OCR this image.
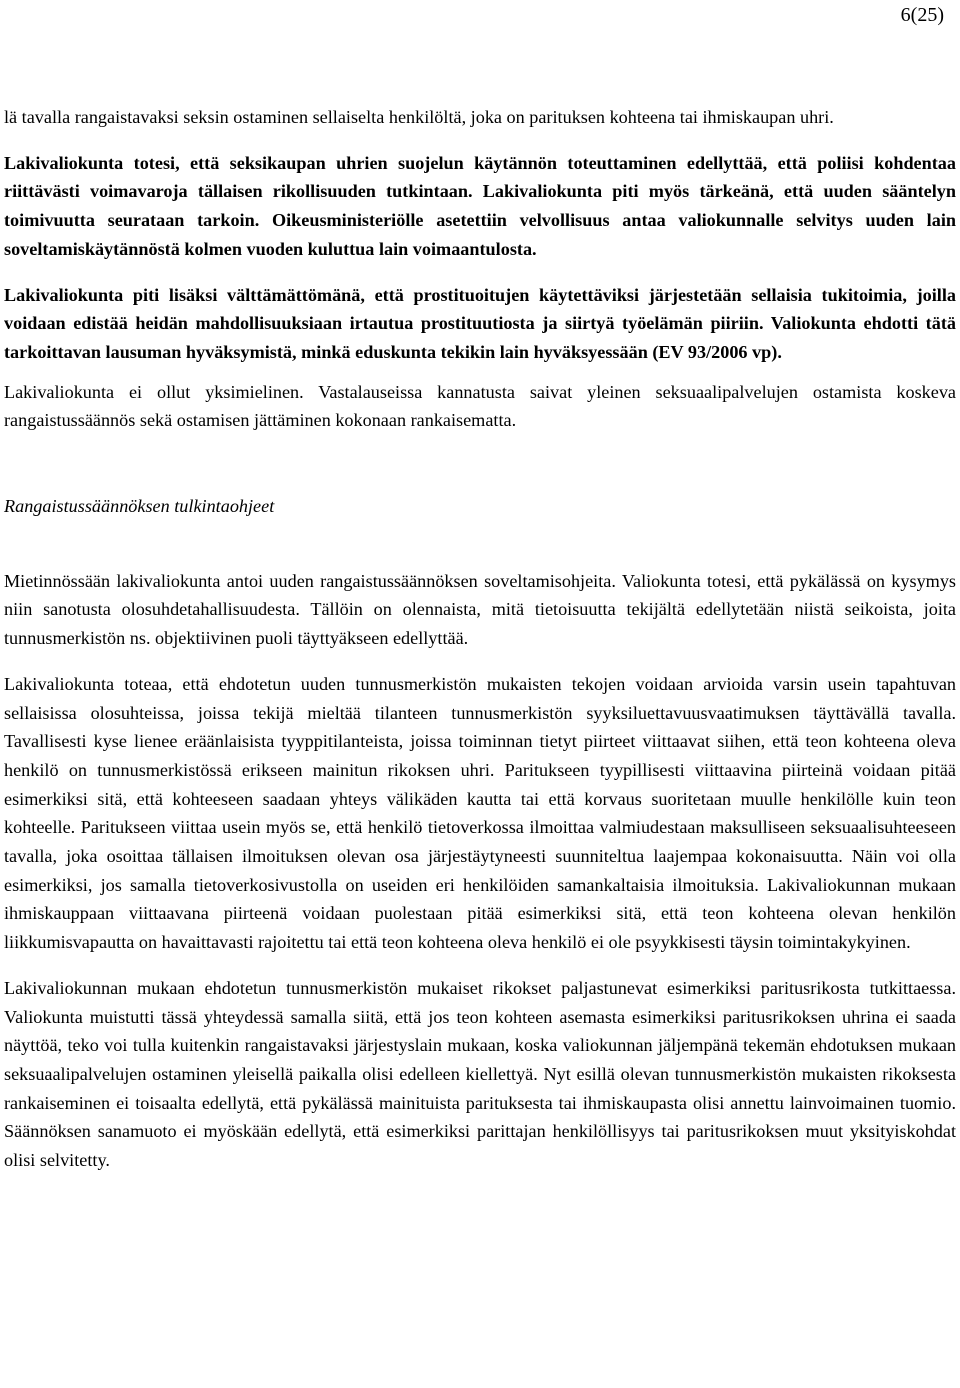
6(25)

lä tavalla rangaistavaksi seksin ostaminen sellaiselta henkilöltä, joka on parituksen kohteena tai ihmiskaupan uhri.

Lakivaliokunta totesi, että seksikaupan uhrien suojelun käytännön toteuttaminen edellyttää, että poliisi kohdentaa riittävästi voimavaroja tällaisen rikollisuuden tutkintaan. Lakivaliokunta piti myös tärkeänä, että uuden sääntelyn toimivuutta seurataan tarkoin. Oikeusministeriölle asetettiin velvollisuus antaa valiokunnalle selvitys uuden lain soveltamiskäytännöstä kolmen vuoden kuluttua lain voimaantulosta.

Lakivaliokunta piti lisäksi välttämättömänä, että prostituoitujen käytettäviksi järjestetään sellaisia tukitoimia, joilla voidaan edistää heidän mahdollisuuksiaan irtautua prostituutiosta ja siirtyä työelämän piiriin. Valiokunta ehdotti tätä tarkoittavan lausuman hyväksymistä, minkä eduskunta tekikin lain hyväksyessään (EV 93/2006 vp).

Lakivaliokunta ei ollut yksimielinen. Vastalauseissa kannatusta saivat yleinen seksuaalipalvelujen ostamista koskeva rangaistussäännös sekä ostamisen jättäminen kokonaan rankaisematta.

Rangaistussäännöksen tulkintaohjeet

Mietinnössään lakivaliokunta antoi uuden rangaistussäännöksen soveltamisohjeita. Valiokunta totesi, että pykälässä on kysymys niin sanotusta olosuhdetahallisuudesta. Tällöin on olennaista, mitä tietoisuutta tekijältä edellytetään niistä seikoista, joita tunnusmerkistön ns. objektiivinen puoli täyttyäkseen edellyttää.

Lakivaliokunta toteaa, että ehdotetun uuden tunnusmerkistön mukaisten tekojen voidaan arvioida varsin usein tapahtuvan sellaisissa olosuhteissa, joissa tekijä mieltää tilanteen tunnusmerkistön syyksiluettavuusvaatimuksen täyttävällä tavalla. Tavallisesti kyse lienee eräänlaisista tyyppitilanteista, joissa toiminnan tietyt piirteet viittaavat siihen, että teon kohteena oleva henkilö on tunnusmerkistössä erikseen mainitun rikoksen uhri. Paritukseen tyypillisesti viittaavina piirteinä voidaan pitää esimerkiksi sitä, että kohteeseen saadaan yhteys välikäden kautta tai että korvaus suoritetaan muulle henkilölle kuin teon kohteelle. Paritukseen viittaa usein myös se, että henkilö tietoverkossa ilmoittaa valmiudestaan maksulliseen seksuaalisuhteeseen tavalla, joka osoittaa tällaisen ilmoituksen olevan osa järjestäytyneesti suunniteltua laajempaa kokonaisuutta. Näin voi olla esimerkiksi, jos samalla tietoverkosivustolla on useiden eri henkilöiden samankaltaisia ilmoituksia. Lakivaliokunnan mukaan ihmiskauppaan viittaavana piirteenä voidaan puolestaan pitää esimerkiksi sitä, että teon kohteena olevan henkilön liikkumisvapautta on havaittavasti rajoitettu tai että teon kohteena oleva henkilö ei ole psyykkisesti täysin toimintakykyinen.

Lakivaliokunnan mukaan ehdotetun tunnusmerkistön mukaiset rikokset paljastunevat esimerkiksi paritusrikosta tutkittaessa. Valiokunta muistutti tässä yhteydessä samalla siitä, että jos teon kohteen asemasta esimerkiksi paritusrikoksen uhrina ei saada näyttöä, teko voi tulla kuitenkin rangaistavaksi järjestyslain mukaan, koska valiokunnan jäljempänä tekemän ehdotuksen mukaan seksuaalipalvelujen ostaminen yleisellä paikalla olisi edelleen kiellettyä. Nyt esillä olevan tunnusmerkistön mukaisten rikoksesta rankaiseminen ei toisaalta edellytä, että pykälässä mainituista parituksesta tai ihmiskaupasta olisi annettu lainvoimainen tuomio. Säännöksen sanamuoto ei myöskään edellytä, että esimerkiksi parittajan henkilöllisyys tai paritusrikoksen muut yksityiskohdat olisi selvitetty.
